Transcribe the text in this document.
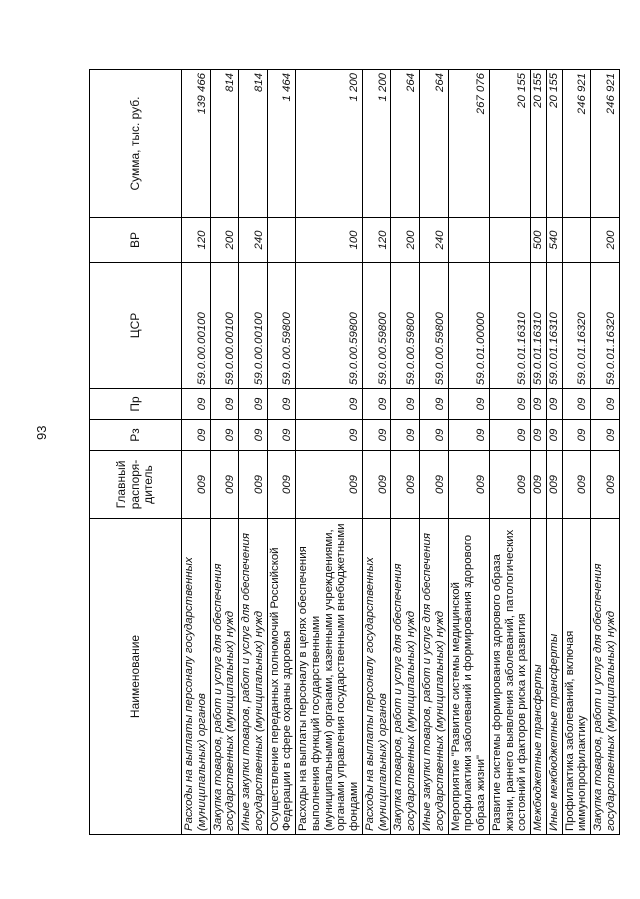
93
Наименование	Главный распоря-дитель	Рз	Пр	ЦСР	ВР	Сумма, тыс. руб.
Расходы на выплаты персоналу государственных (муниципальных) органов	009	09	09	59.0.00.00100	120	139 466
Закупка товаров, работ и услуг для обеспечения государственных (муниципальных) нужд	009	09	09	59.0.00.00100	200	814
Иные закупки товаров, работ и услуг для обеспечения государственных (муниципальных) нужд	009	09	09	59.0.00.00100	240	814
Осуществление переданных полномочий Российской Федерации в сфере охраны здоровья	009	09	09	59.0.00.59800		1 464
Расходы на выплаты персоналу в целях обеспечения выполнения функций государственными (муниципальными) органами, казенными учреждениями, органами управления государственными внебюджетными фондами	009	09	09	59.0.00.59800	100	1 200
Расходы на выплаты персоналу государственных (муниципальных) органов	009	09	09	59.0.00.59800	120	1 200
Закупка товаров, работ и услуг для обеспечения государственных (муниципальных) нужд	009	09	09	59.0.00.59800	200	264
Иные закупки товаров, работ и услуг для обеспечения государственных (муниципальных) нужд	009	09	09	59.0.00.59800	240	264
Мероприятие "Развитие системы медицинской профилактики заболеваний и формирования здорового образа жизни"	009	09	09	59.0.01.00000		267 076
Развитие системы формирования здорового образа жизни, раннего выявления заболеваний, патологических состояний и факторов риска их развития	009	09	09	59.0.01.16310		20 155
Межбюджетные трансферты	009	09	09	59.0.01.16310	500	20 155
Иные межбюджетные трансферты	009	09	09	59.0.01.16310	540	20 155
Профилактика заболеваний, включая иммунопрофилактику	009	09	09	59.0.01.16320		246 921
Закупка товаров, работ и услуг для обеспечения государственных (муниципальных) нужд	009	09	09	59.0.01.16320	200	246 921
